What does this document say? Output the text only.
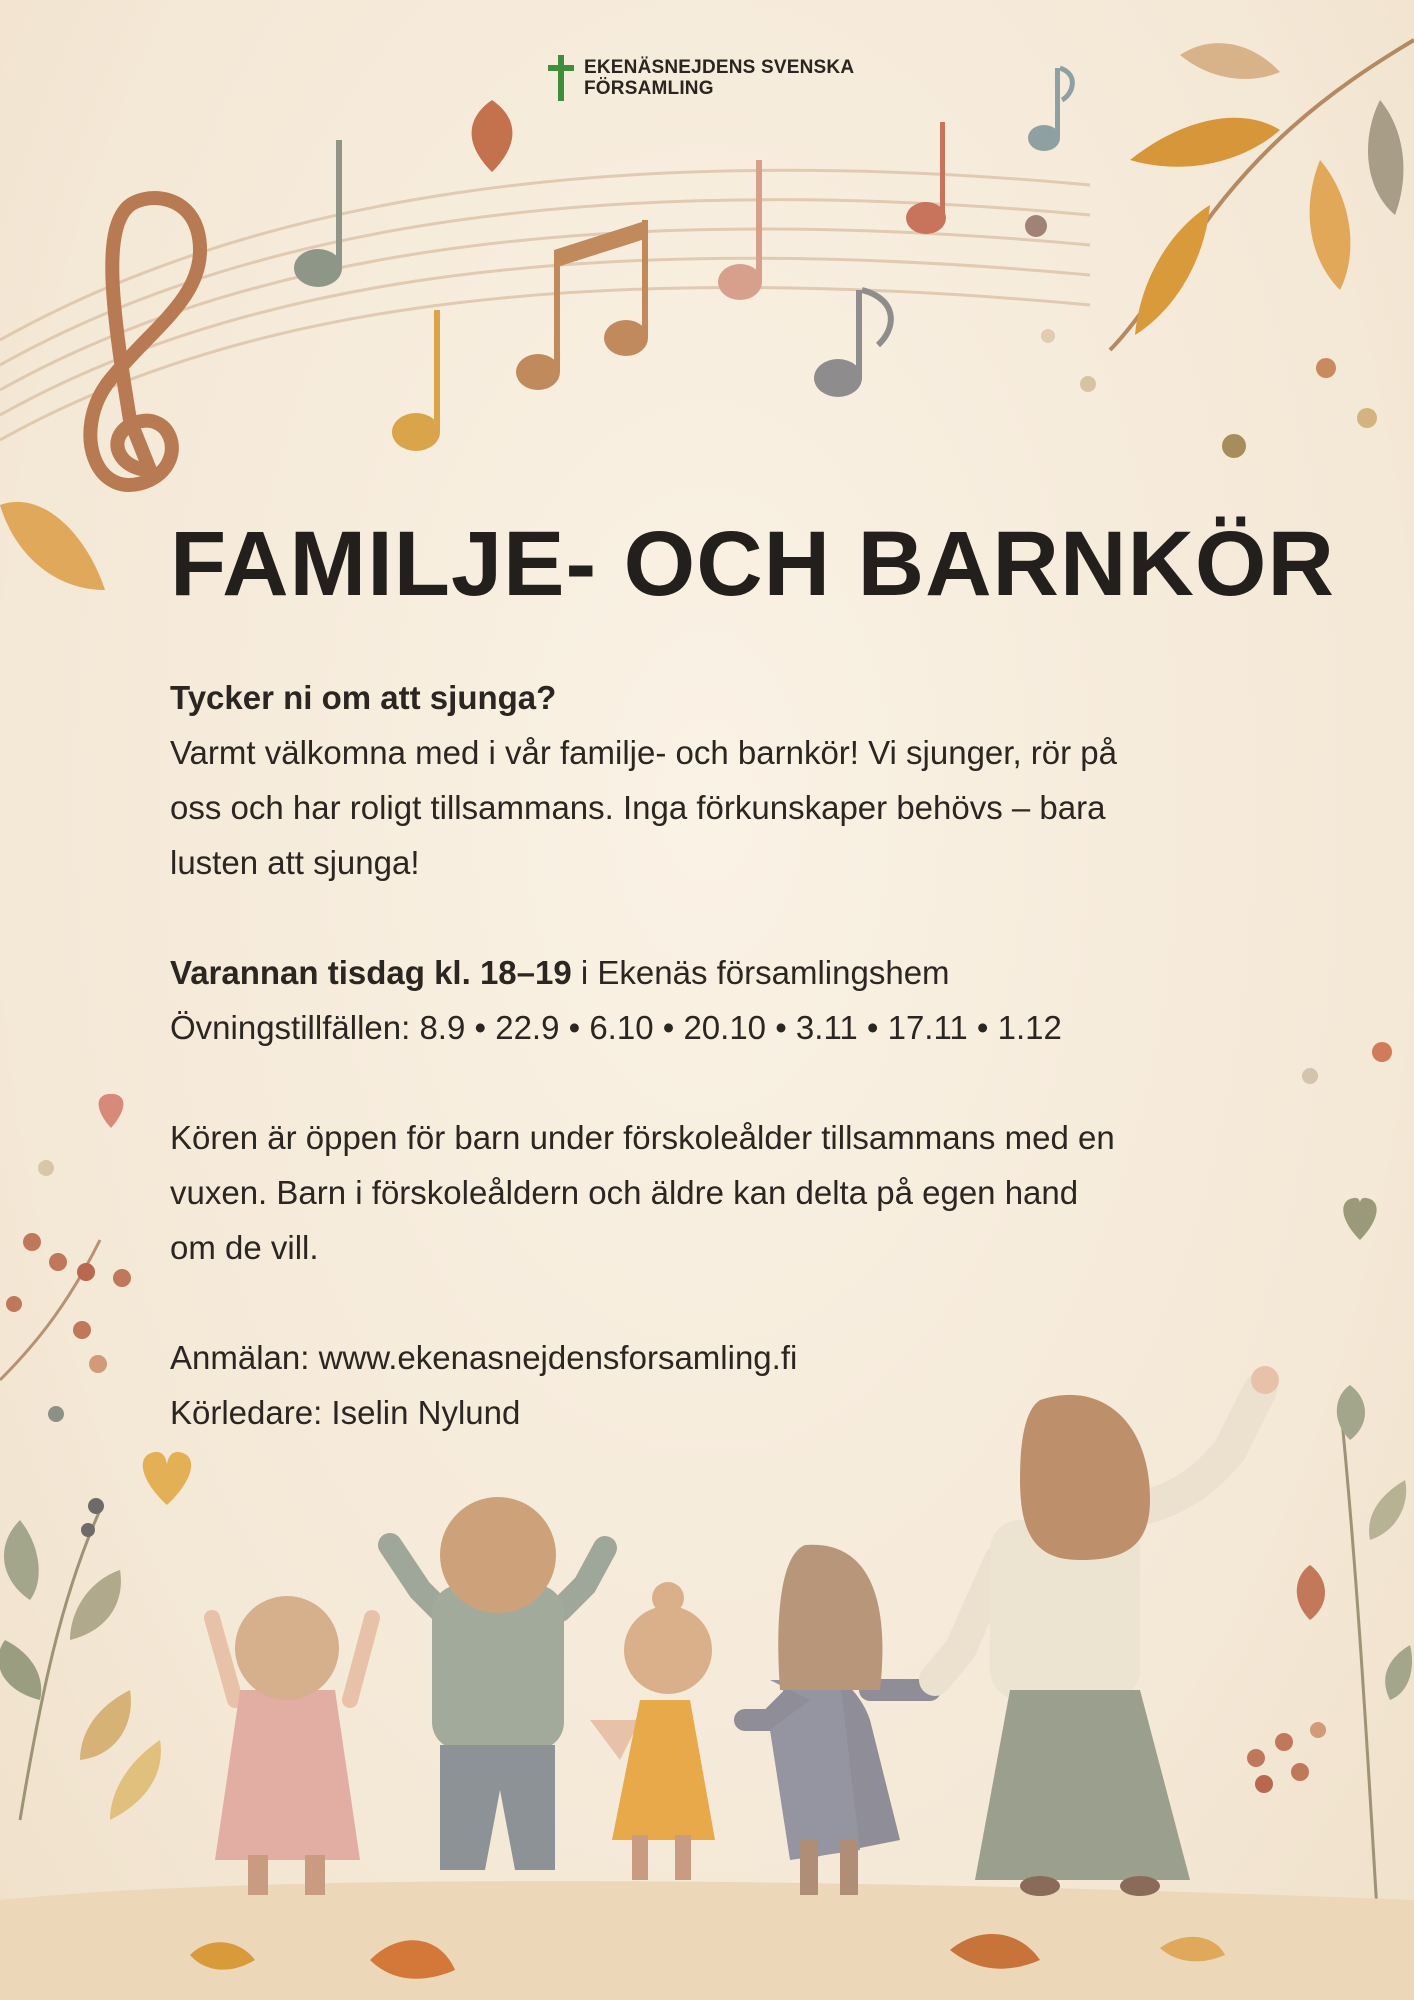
EKENÄSNEJDENS SVENSKA
FÖRSAMLING
FAMILJE- OCH BARNKÖR

Tycker ni om att sjunga?

Varmt välkomna med i vår familje- och barnkör! Vi sjunger, rör på

oss och har roligt tillsammans. Inga förkunskaper behövs – bara

lusten att sjunga!

Varannan tisdag kl. 18–19 i Ekenäs församlingshem

Övningstillfällen: 8.9 • 22.9 • 6.10 • 20.10 • 3.11 • 17.11 • 1.12

Kören är öppen för barn under förskoleålder tillsammans med en

vuxen. Barn i förskoleåldern och äldre kan delta på egen hand

om de vill.

Anmälan: www.ekenasnejdensforsamling.fi

Körledare: Iselin Nylund
